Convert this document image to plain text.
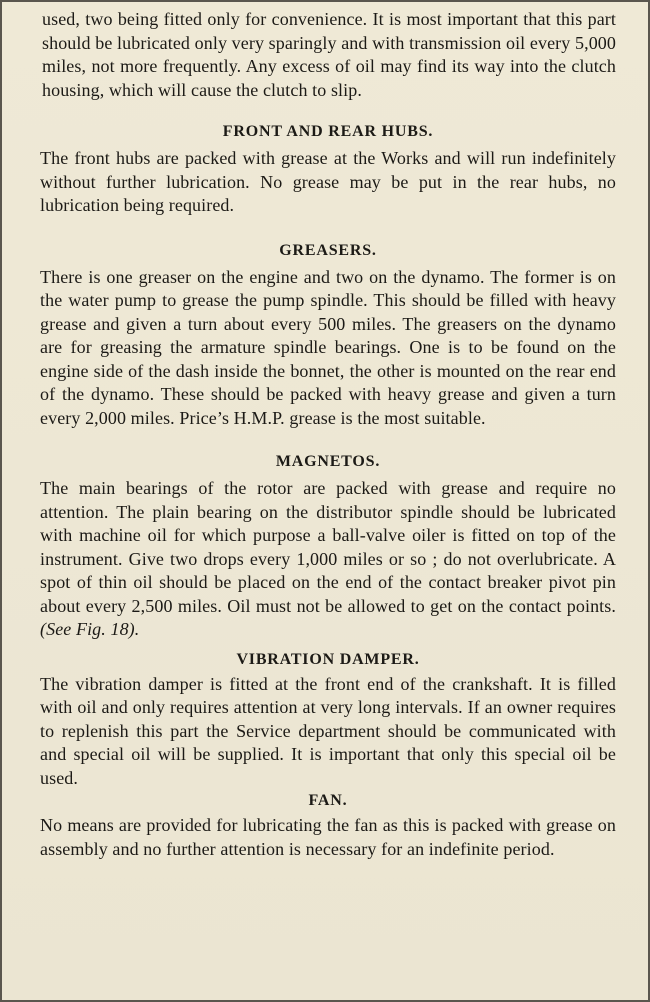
used, two being fitted only for convenience. It is most important that this part should be lubricated only very sparingly and with transmission oil every 5,000 miles, not more frequently. Any excess of oil may find its way into the clutch housing, which will cause the clutch to slip.

FRONT AND REAR HUBS.

The front hubs are packed with grease at the Works and will run indefinitely without further lubrication. No grease may be put in the rear hubs, no lubrication being required.

GREASERS.

There is one greaser on the engine and two on the dynamo. The former is on the water pump to grease the pump spindle. This should be filled with heavy grease and given a turn about every 500 miles. The greasers on the dynamo are for greasing the armature spindle bearings. One is to be found on the engine side of the dash inside the bonnet, the other is mounted on the rear end of the dynamo. These should be packed with heavy grease and given a turn every 2,000 miles. Price’s H.M.P. grease is the most suitable.

MAGNETOS.

The main bearings of the rotor are packed with grease and require no attention. The plain bearing on the distributor spindle should be lubricated with machine oil for which purpose a ball-valve oiler is fitted on top of the instrument. Give two drops every 1,000 miles or so ; do not overlubricate. A spot of thin oil should be placed on the end of the contact breaker pivot pin about every 2,500 miles. Oil must not be allowed to get on the contact points. (See Fig. 18).

VIBRATION DAMPER.

The vibration damper is fitted at the front end of the crankshaft. It is filled with oil and only requires attention at very long intervals. If an owner requires to replenish this part the Service department should be communicated with and special oil will be supplied. It is important that only this special oil be used.

FAN.

No means are provided for lubricating the fan as this is packed with grease on assembly and no further attention is necessary for an indefinite period.
